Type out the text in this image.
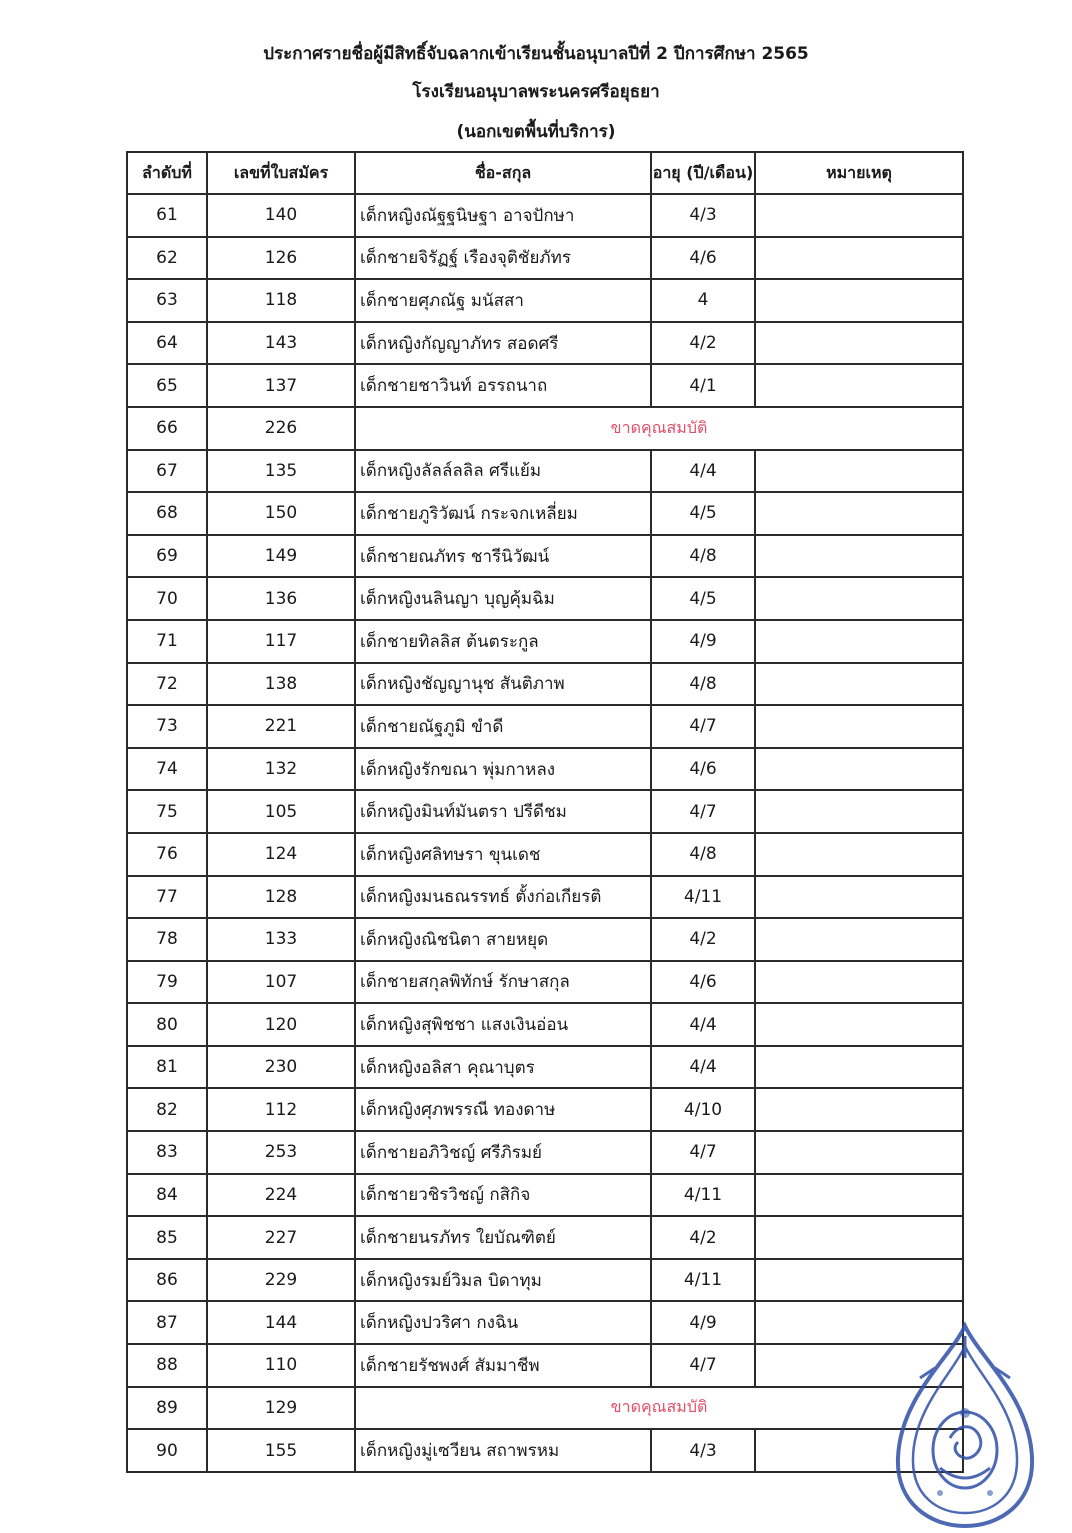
ประกาศรายชื่อผู้มีสิทธิ์จับฉลากเข้าเรียนชั้นอนุบาลปีที่ 2 ปีการศึกษา 2565
โรงเรียนอนุบาลพระนครศรีอยุธยา
(นอกเขตพื้นที่บริการ)
ลำดับที่	เลขที่ใบสมัคร	ชื่อ-สกุล	อายุ (ปี/เดือน)	หมายเหตุ
61	140	เด็กหญิงณัฐฐนิษฐา อาจปักษา	4/3	
62	126	เด็กชายจิรัฏฐ์ เรืองจุติชัยภัทร	4/6	
63	118	เด็กชายศุภณัฐ มนัสสา	4	
64	143	เด็กหญิงกัญญาภัทร สอดศรี	4/2	
65	137	เด็กชายชาวินท์ อรรถนาถ	4/1	
66	226	ขาดคุณสมบัติ		
67	135	เด็กหญิงลัลล์ลลิล ศรีแย้ม	4/4	
68	150	เด็กชายภูริวัฒน์ กระจกเหลี่ยม	4/5	
69	149	เด็กชายณภัทร ชารีนิวัฒน์	4/8	
70	136	เด็กหญิงนลินญา บุญคุ้มฉิม	4/5	
71	117	เด็กชายทิลลิส ต้นตระกูล	4/9	
72	138	เด็กหญิงชัญญานุช สันติภาพ	4/8	
73	221	เด็กชายณัฐภูมิ ขำดี	4/7	
74	132	เด็กหญิงรักขณา พุ่มกาหลง	4/6	
75	105	เด็กหญิงมินท์มันตรา ปรีดีชม	4/7	
76	124	เด็กหญิงศลิทษรา ขุนเดช	4/8	
77	128	เด็กหญิงมนธณรรทธ์ ตั้งก่อเกียรติ	4/11	
78	133	เด็กหญิงณิชนิตา สายหยุด	4/2	
79	107	เด็กชายสกุลพิทักษ์ รักษาสกุล	4/6	
80	120	เด็กหญิงสุพิชชา แสงเงินอ่อน	4/4	
81	230	เด็กหญิงอลิสา คุณาบุตร	4/4	
82	112	เด็กหญิงศุภพรรณี ทองดาษ	4/10	
83	253	เด็กชายอภิวิชญ์ ศรีภิรมย์	4/7	
84	224	เด็กชายวชิรวิชญ์ กสิกิจ	4/11	
85	227	เด็กชายนรภัทร ใยบัณฑิตย์	4/2	
86	229	เด็กหญิงรมย์วิมล บิดาทุม	4/11	
87	144	เด็กหญิงปวริศา กงฉิน	4/9	
88	110	เด็กชายรัชพงศ์ สัมมาชีพ	4/7	
89	129	ขาดคุณสมบัติ		
90	155	เด็กหญิงมู่เซวียน สถาพรหม	4/3	
